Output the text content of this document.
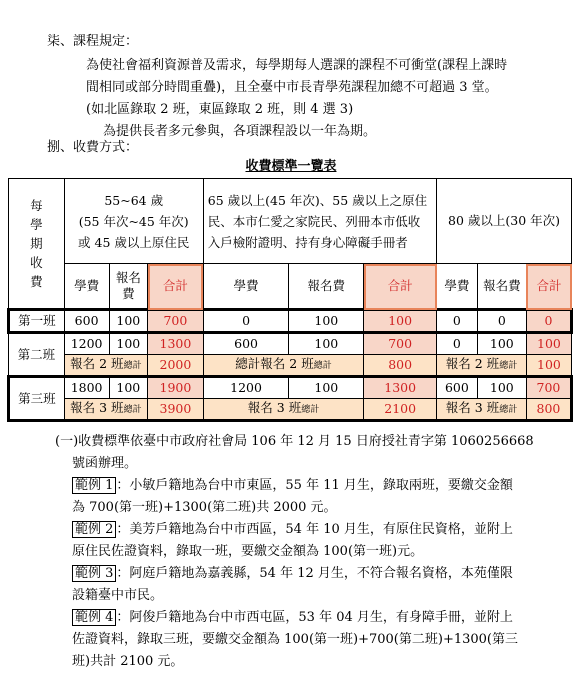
柒、課程規定：
為使社會福利資源普及需求，每學期每人選課的課程不可衝堂(課程上課時
間相同或部分時間重疊)，且全臺中市長青學苑課程加總不可超過 3 堂。
(如北區錄取 2 班，東區錄取 2 班，則 4 選 3)
為提供長者多元參與，各項課程設以一年為期。
捌、收費方式：
收費標準一覽表
每
學
期
收
費	55~64 歲
(55 年次~45 年次)
或 45 歲以上原住民			65 歲以上(45 年次)、55 歲以上之原住民、本市仁愛之家院民、列冊本市低收入戶檢附證明、持有身心障礙手冊者			80 歲以上(30 年次)		
	學費	報名費	合計	學費	報名費	合計	學費	報名費	合計
第一班	600	100	700	0	100	100	0	0	0
第二班	1200	100	1300	600	100	700	0	100	100
	報名 2 班總計		2000	總計報名 2 班總計		800	報名 2 班總計		100
第三班	1800	100	1900	1200	100	1300	600	100	700
	報名 3 班總計		3900	報名 3 班總計		2100	報名 3 班總計		800
(一)收費標準依臺中市政府社會局 106 年 12 月 15 日府授社青字第 1060256668
號函辦理。
範例 1 ：小敏戶籍地為台中市東區，55 年 11 月生，錄取兩班，要繳交金額
為 700(第一班)+1300(第二班)共 2000 元。
範例 2 ：美芳戶籍地為台中市西區，54 年 10 月生，有原住民資格，並附上
原住民佐證資料，錄取一班，要繳交金額為 100(第一班)元。
範例 3 ：阿庭戶籍地為嘉義縣，54 年 12 月生，不符合報名資格，本苑僅限
設籍臺中市民。
範例 4 ：阿俊戶籍地為台中市西屯區，53 年 04 月生，有身障手冊，並附上
佐證資料，錄取三班，要繳交金額為 100(第一班)+700(第二班)+1300(第三
班)共計 2100 元。
